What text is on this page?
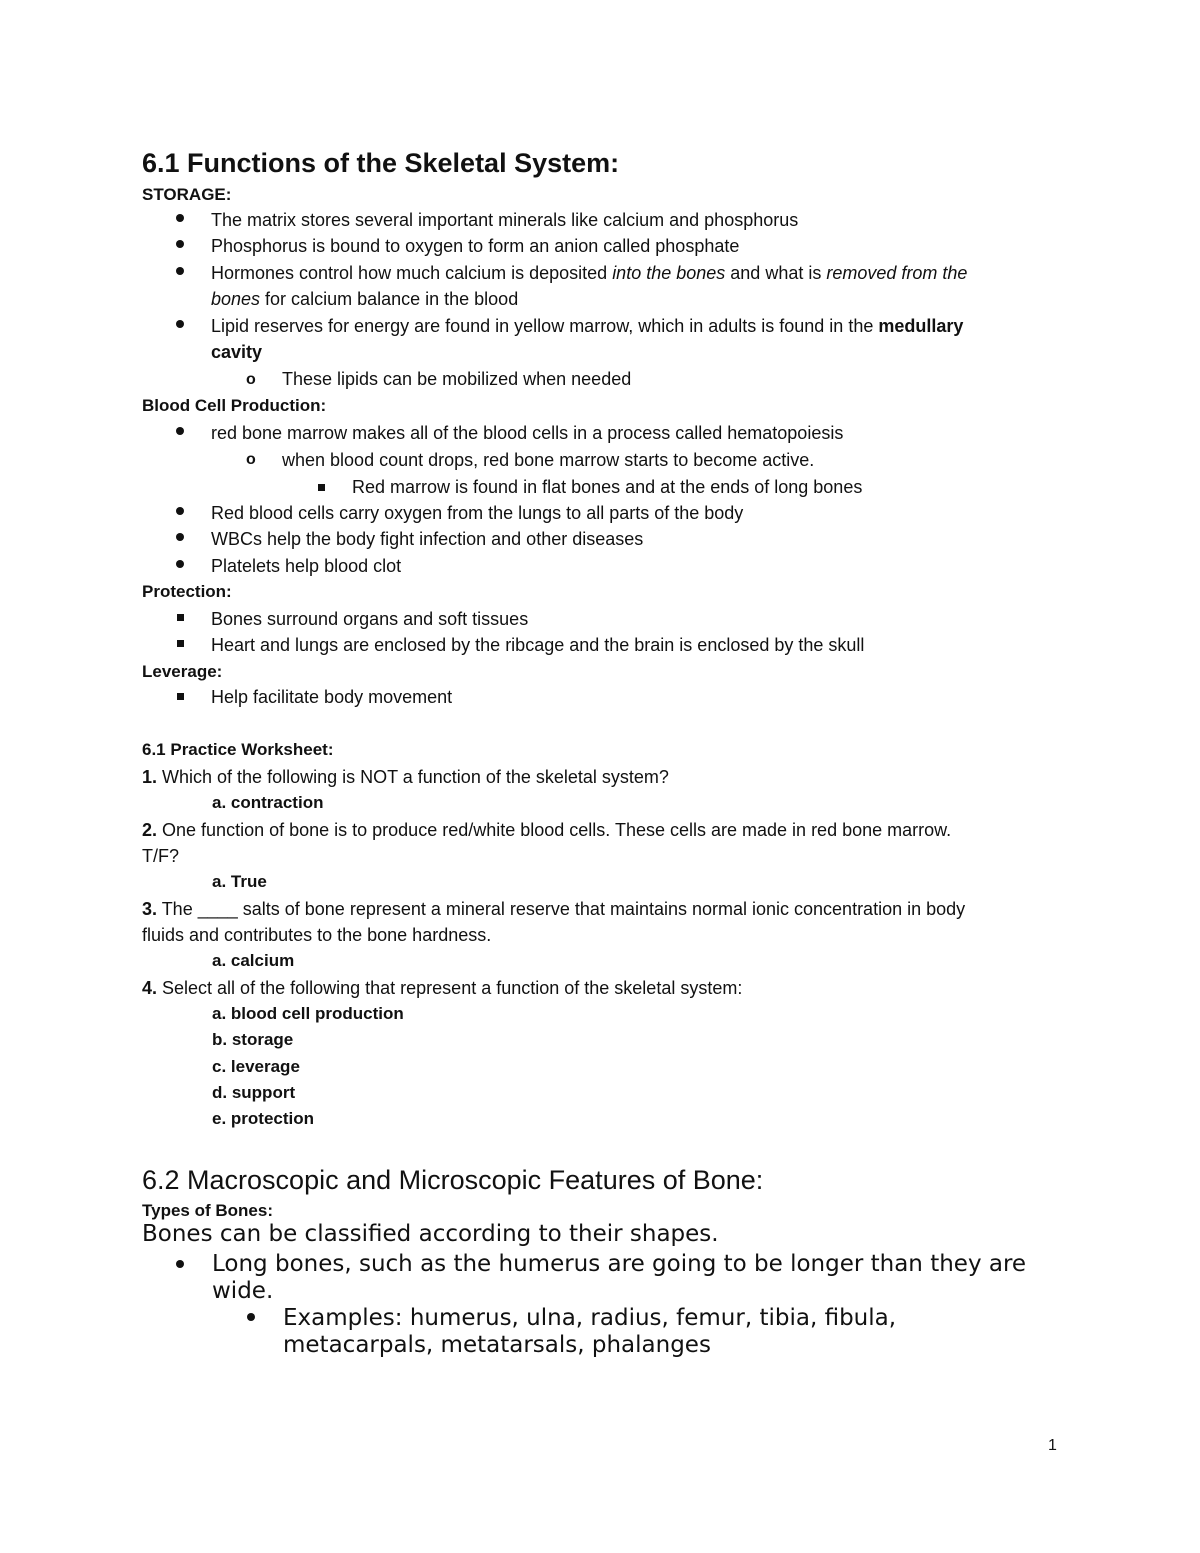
6.1 Functions of the Skeletal System:
STORAGE:
The matrix stores several important minerals like calcium and phosphorus
Phosphorus is bound to oxygen to form an anion called phosphate
Hormones control how much calcium is deposited into the bones and what is removed from the
bones for calcium balance in the blood
Lipid reserves for energy are found in yellow marrow, which in adults is found in the medullary
cavity
o These lipids can be mobilized when needed
Blood Cell Production:
red bone marrow makes all of the blood cells in a process called hematopoiesis
o when blood count drops, red bone marrow starts to become active.
Red marrow is found in flat bones and at the ends of long bones
Red blood cells carry oxygen from the lungs to all parts of the body
WBCs help the body fight infection and other diseases
Platelets help blood clot
Protection:
Bones surround organs and soft tissues
Heart and lungs are enclosed by the ribcage and the brain is enclosed by the skull
Leverage:
Help facilitate body movement
6.1 Practice Worksheet:
1. Which of the following is NOT a function of the skeletal system?
a. contraction
2. One function of bone is to produce red/white blood cells. These cells are made in red bone marrow.
T/F?
a. True
3. The ____ salts of bone represent a mineral reserve that maintains normal ionic concentration in body
fluids and contributes to the bone hardness.
a. calcium
4. Select all of the following that represent a function of the skeletal system:
a. blood cell production
b. storage
c. leverage
d. support
e. protection
6.2 Macroscopic and Microscopic Features of Bone:
Types of Bones:
Bones can be classified according to their shapes.
Long bones, such as the humerus are going to be longer than they are
wide.
Examples: humerus, ulna, radius, femur, tibia, fibula,
metacarpals, metatarsals, phalanges
1
